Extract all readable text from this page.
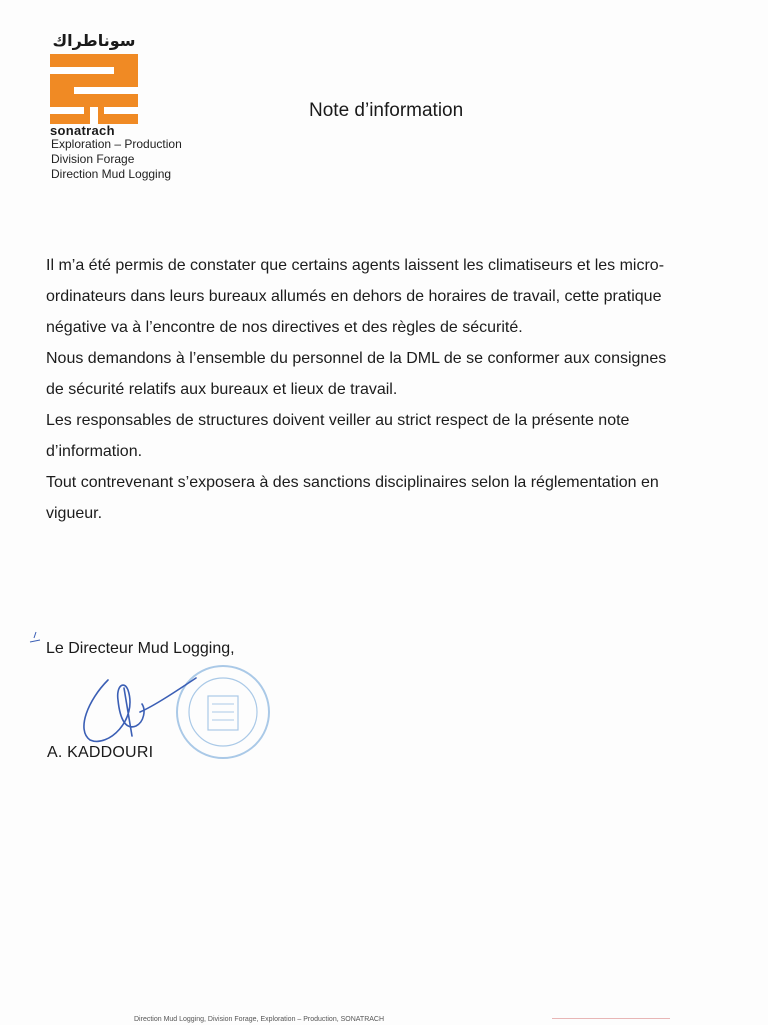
سوناطراك
sonatrach
Exploration – Production
Division Forage
Direction Mud Logging
Note d’information

Il m’a été permis de constater que certains agents laissent les climatiseurs et les micro-ordinateurs dans leurs bureaux allumés en dehors de horaires de travail, cette pratique négative va à l’encontre de nos directives et des règles de sécurité.

Nous demandons à l’ensemble du personnel de la DML de se conformer aux consignes de sécurité relatifs aux bureaux et lieux de travail.

Les responsables de structures doivent veiller au strict respect de la présente note d’information.

Tout contrevenant s’exposera à des sanctions disciplinaires selon la réglementation en vigueur.

Le Directeur Mud Logging,
A. KADDOURI
Direction Mud Logging, Division Forage, Exploration – Production, SONATRACH
